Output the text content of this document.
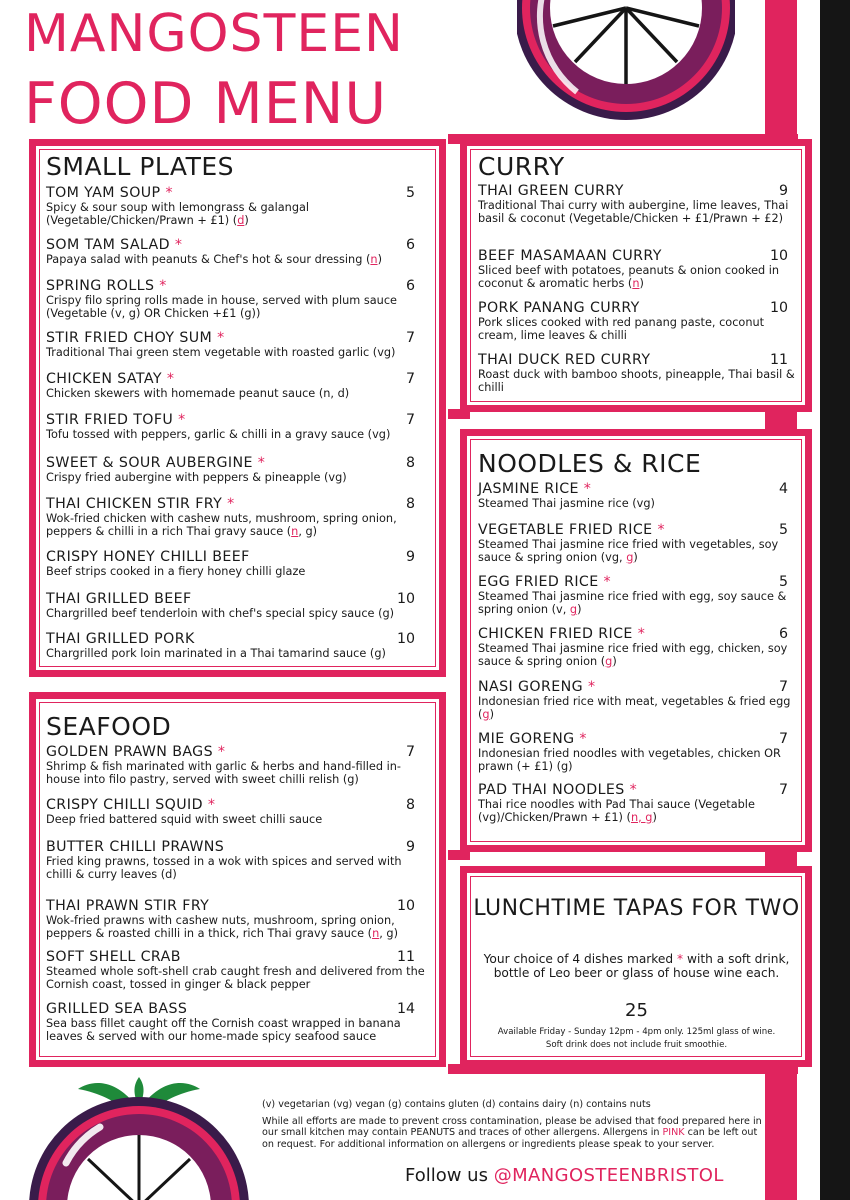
MANGOSTEEN
FOOD MENU
SMALL PLATES
TOM YAM SOUP *	5
Spicy & sour soup with lemongrass & galangal (Vegetable/Chicken/Prawn + £1) (d)
SOM TAM SALAD *	6
Papaya salad with peanuts & Chef's hot & sour dressing (n)
SPRING ROLLS *	6
Crispy filo spring rolls made in house, served with plum sauce (Vegetable (v, g) OR Chicken +£1 (g))
STIR FRIED CHOY SUM *	7
Traditional Thai green stem vegetable with roasted garlic (vg)
CHICKEN SATAY *	7
Chicken skewers with homemade peanut sauce (n, d)
STIR FRIED TOFU *	7
Tofu tossed with peppers, garlic & chilli in a gravy sauce (vg)
SWEET & SOUR AUBERGINE *	8
Crispy fried aubergine with peppers & pineapple (vg)
THAI CHICKEN STIR FRY *	8
Wok-fried chicken with cashew nuts, mushroom, spring onion, peppers & chilli in a rich Thai gravy sauce (n, g)
CRISPY HONEY CHILLI BEEF	9
Beef strips cooked in a fiery honey chilli glaze
THAI GRILLED BEEF	10
Chargrilled beef tenderloin with chef's special spicy sauce (g)
THAI GRILLED PORK	10
Chargrilled pork loin marinated in a Thai tamarind sauce (g)
SEAFOOD
GOLDEN PRAWN BAGS *	7
Shrimp & fish marinated with garlic & herbs and hand-filled in-house into filo pastry, served with sweet chilli relish (g)
CRISPY CHILLI SQUID *	8
Deep fried battered squid with sweet chilli sauce
BUTTER CHILLI PRAWNS	9
Fried king prawns, tossed in a wok with spices and served with chilli & curry leaves (d)
THAI PRAWN STIR FRY	10
Wok-fried prawns with cashew nuts, mushroom, spring onion, peppers & roasted chilli in a thick, rich Thai gravy sauce (n, g)
SOFT SHELL CRAB	11
Steamed whole soft-shell crab caught fresh and delivered from the Cornish coast, tossed in ginger & black pepper
GRILLED SEA BASS	14
Sea bass fillet caught off the Cornish coast wrapped in banana leaves & served with our home-made spicy seafood sauce
CURRY
THAI GREEN CURRY	9
Traditional Thai curry with aubergine, lime leaves, Thai basil & coconut (Vegetable/Chicken + £1/Prawn + £2)
BEEF MASAMAAN CURRY	10
Sliced beef with potatoes, peanuts & onion cooked in coconut & aromatic herbs (n)
PORK PANANG CURRY	10
Pork slices cooked with red panang paste, coconut cream, lime leaves & chilli
THAI DUCK RED CURRY	11
Roast duck with bamboo shoots, pineapple, Thai basil & chilli
NOODLES & RICE
JASMINE RICE *	4
Steamed Thai jasmine rice (vg)
VEGETABLE FRIED RICE *	5
Steamed Thai jasmine rice fried with vegetables, soy sauce & spring onion (vg, g)
EGG FRIED RICE *	5
Steamed Thai jasmine rice fried with egg, soy sauce & spring onion (v, g)
CHICKEN FRIED RICE *	6
Steamed Thai jasmine rice fried with egg, chicken, soy sauce & spring onion (g)
NASI GORENG *	7
Indonesian fried rice with meat, vegetables & fried egg (g)
MIE GORENG *	7
Indonesian fried noodles with vegetables, chicken OR prawn (+ £1) (g)
PAD THAI NOODLES *	7
Thai rice noodles with Pad Thai sauce (Vegetable (vg)/Chicken/Prawn + £1) (n, g)
LUNCHTIME TAPAS FOR TWO
Your choice of 4 dishes marked * with a soft drink, bottle of Leo beer or glass of house wine each.
25
Available Friday - Sunday 12pm - 4pm only. 125ml glass of wine.
Soft drink does not include fruit smoothie.
(v) vegetarian (vg) vegan (g) contains gluten (d) contains dairy (n) contains nuts
While all efforts are made to prevent cross contamination, please be advised that food prepared here in our small kitchen may contain PEANUTS and traces of other allergens. Allergens in PINK can be left out on request. For additional information on allergens or ingredients please speak to your server.
Follow us @MANGOSTEENBRISTOL
